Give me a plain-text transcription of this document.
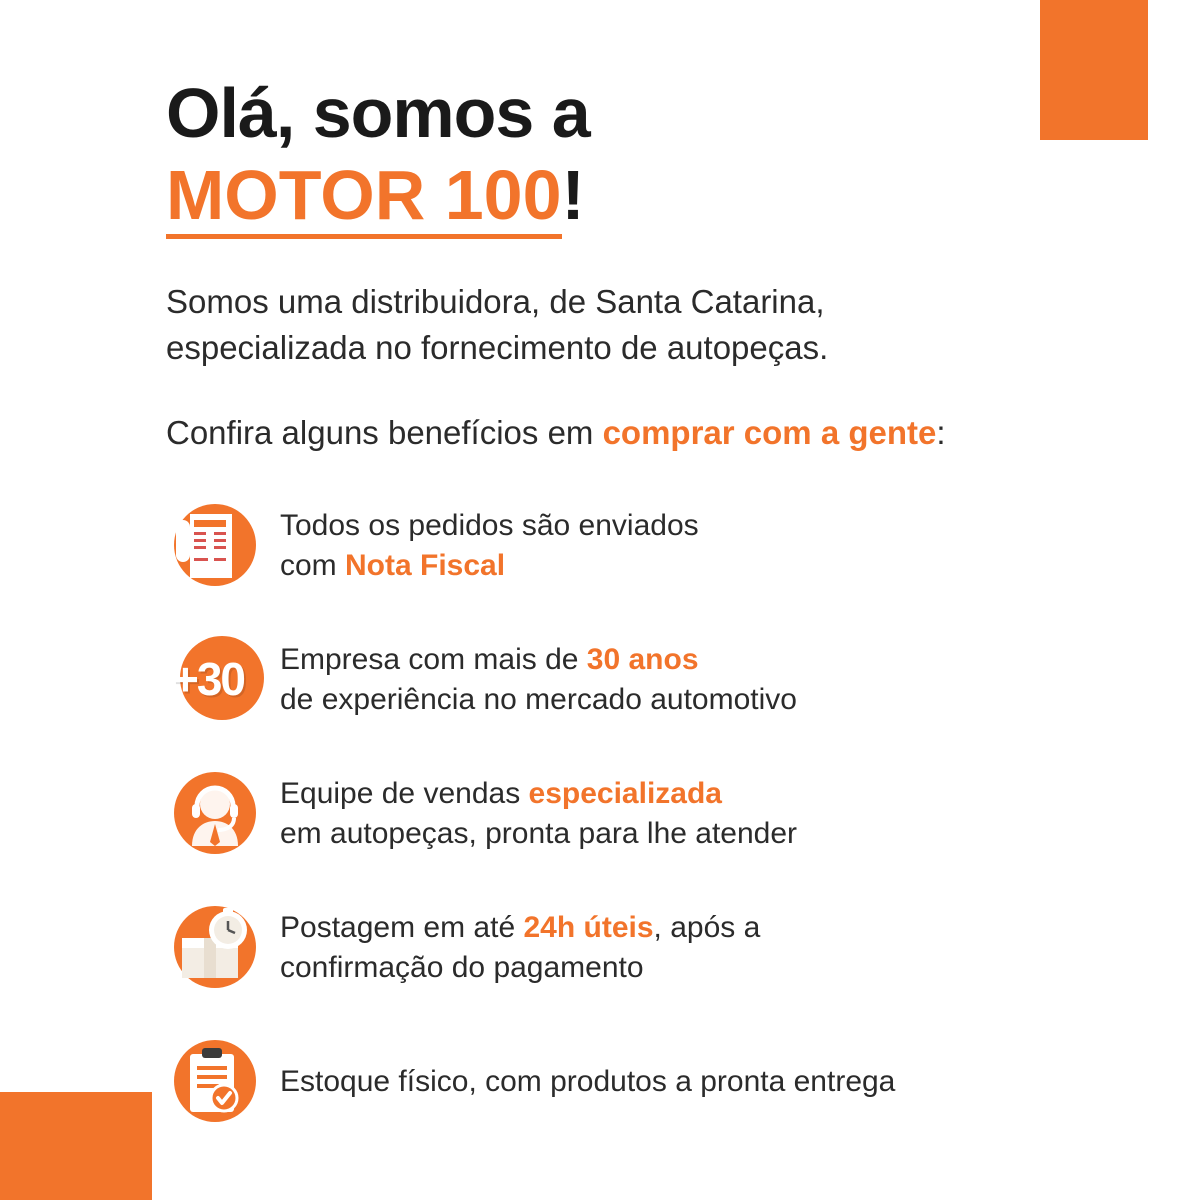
Olá, somos a
MOTOR 100!

Somos uma distribuidora, de Santa Catarina,
especializada no fornecimento de autopeças.

Confira alguns benefícios em comprar com a gente:

Todos os pedidos são enviados
com Nota Fiscal
+30 Empresa com mais de 30 anos
de experiência no mercado automotivo
Equipe de vendas especializada
em autopeças, pronta para lhe atender
Postagem em até 24h úteis, após a
confirmação do pagamento
Estoque físico, com produtos a pronta entrega
